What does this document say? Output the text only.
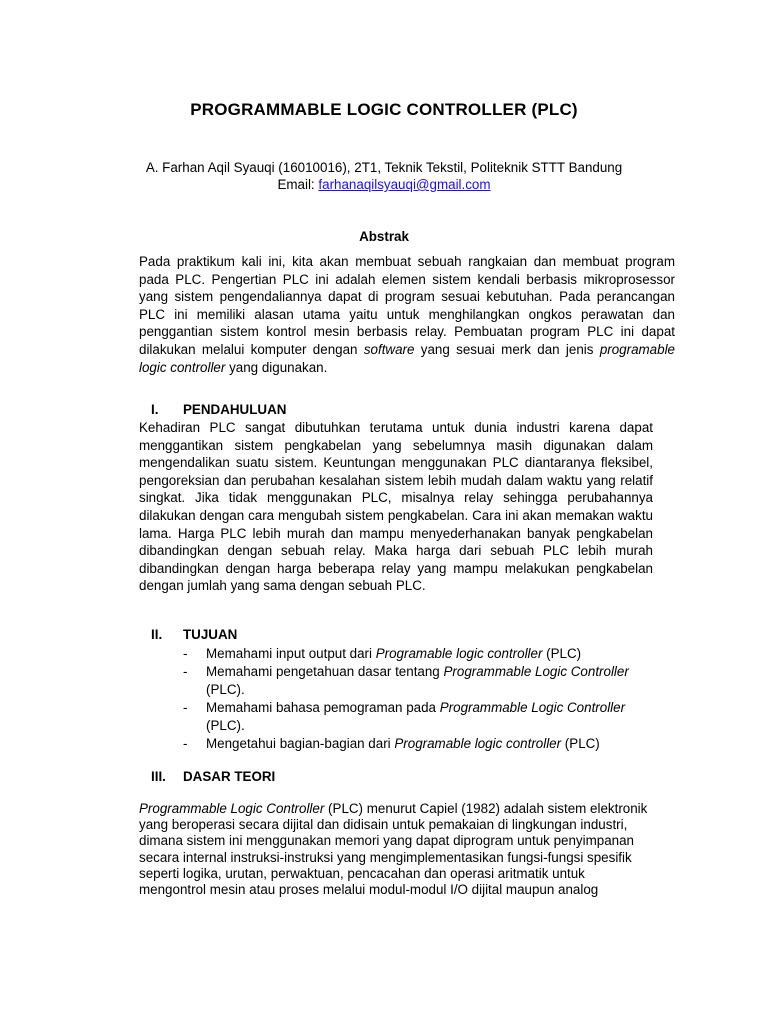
PROGRAMMABLE LOGIC CONTROLLER (PLC)
A. Farhan Aqil Syauqi (16010016), 2T1, Teknik Tekstil, Politeknik STTT Bandung
Email: farhanaqilsyauqi@gmail.com
Abstrak
Pada praktikum kali ini, kita akan membuat sebuah rangkaian dan membuat program pada PLC. Pengertian PLC ini adalah elemen sistem kendali berbasis mikroprosessor yang sistem pengendaliannya dapat di program sesuai kebutuhan. Pada perancangan PLC ini memiliki alasan utama yaitu untuk menghilangkan ongkos perawatan dan penggantian sistem kontrol mesin berbasis relay. Pembuatan program PLC ini dapat dilakukan melalui komputer dengan software yang sesuai merk dan jenis programable logic controller yang digunakan.
I. PENDAHULUAN
Kehadiran PLC sangat dibutuhkan terutama untuk dunia industri karena dapat menggantikan sistem pengkabelan yang sebelumnya masih digunakan dalam mengendalikan suatu sistem. Keuntungan menggunakan PLC diantaranya fleksibel, pengoreksian dan perubahan kesalahan sistem lebih mudah dalam waktu yang relatif singkat. Jika tidak menggunakan PLC, misalnya relay sehingga perubahannya dilakukan dengan cara mengubah sistem pengkabelan. Cara ini akan memakan waktu lama. Harga PLC lebih murah dan mampu menyederhanakan banyak pengkabelan dibandingkan dengan sebuah relay. Maka harga dari sebuah PLC lebih murah dibandingkan dengan harga beberapa relay yang mampu melakukan pengkabelan dengan jumlah yang sama dengan sebuah PLC.
II. TUJUAN
- Memahami input output dari Programable logic controller (PLC)
- Memahami pengetahuan dasar tentang Programmable Logic Controller (PLC).
- Memahami bahasa pemograman pada Programmable Logic Controller (PLC).
- Mengetahui bagian-bagian dari Programable logic controller (PLC)
III. DASAR TEORI
Programmable Logic Controller (PLC) menurut Capiel (1982) adalah sistem elektronik yang beroperasi secara dijital dan didisain untuk pemakaian di lingkungan industri, dimana sistem ini menggunakan memori yang dapat diprogram untuk penyimpanan secara internal instruksi-instruksi yang mengimplementasikan fungsi-fungsi spesifik seperti logika, urutan, perwaktuan, pencacahan dan operasi aritmatik untuk mengontrol mesin atau proses melalui modul-modul I/O dijital maupun analog
